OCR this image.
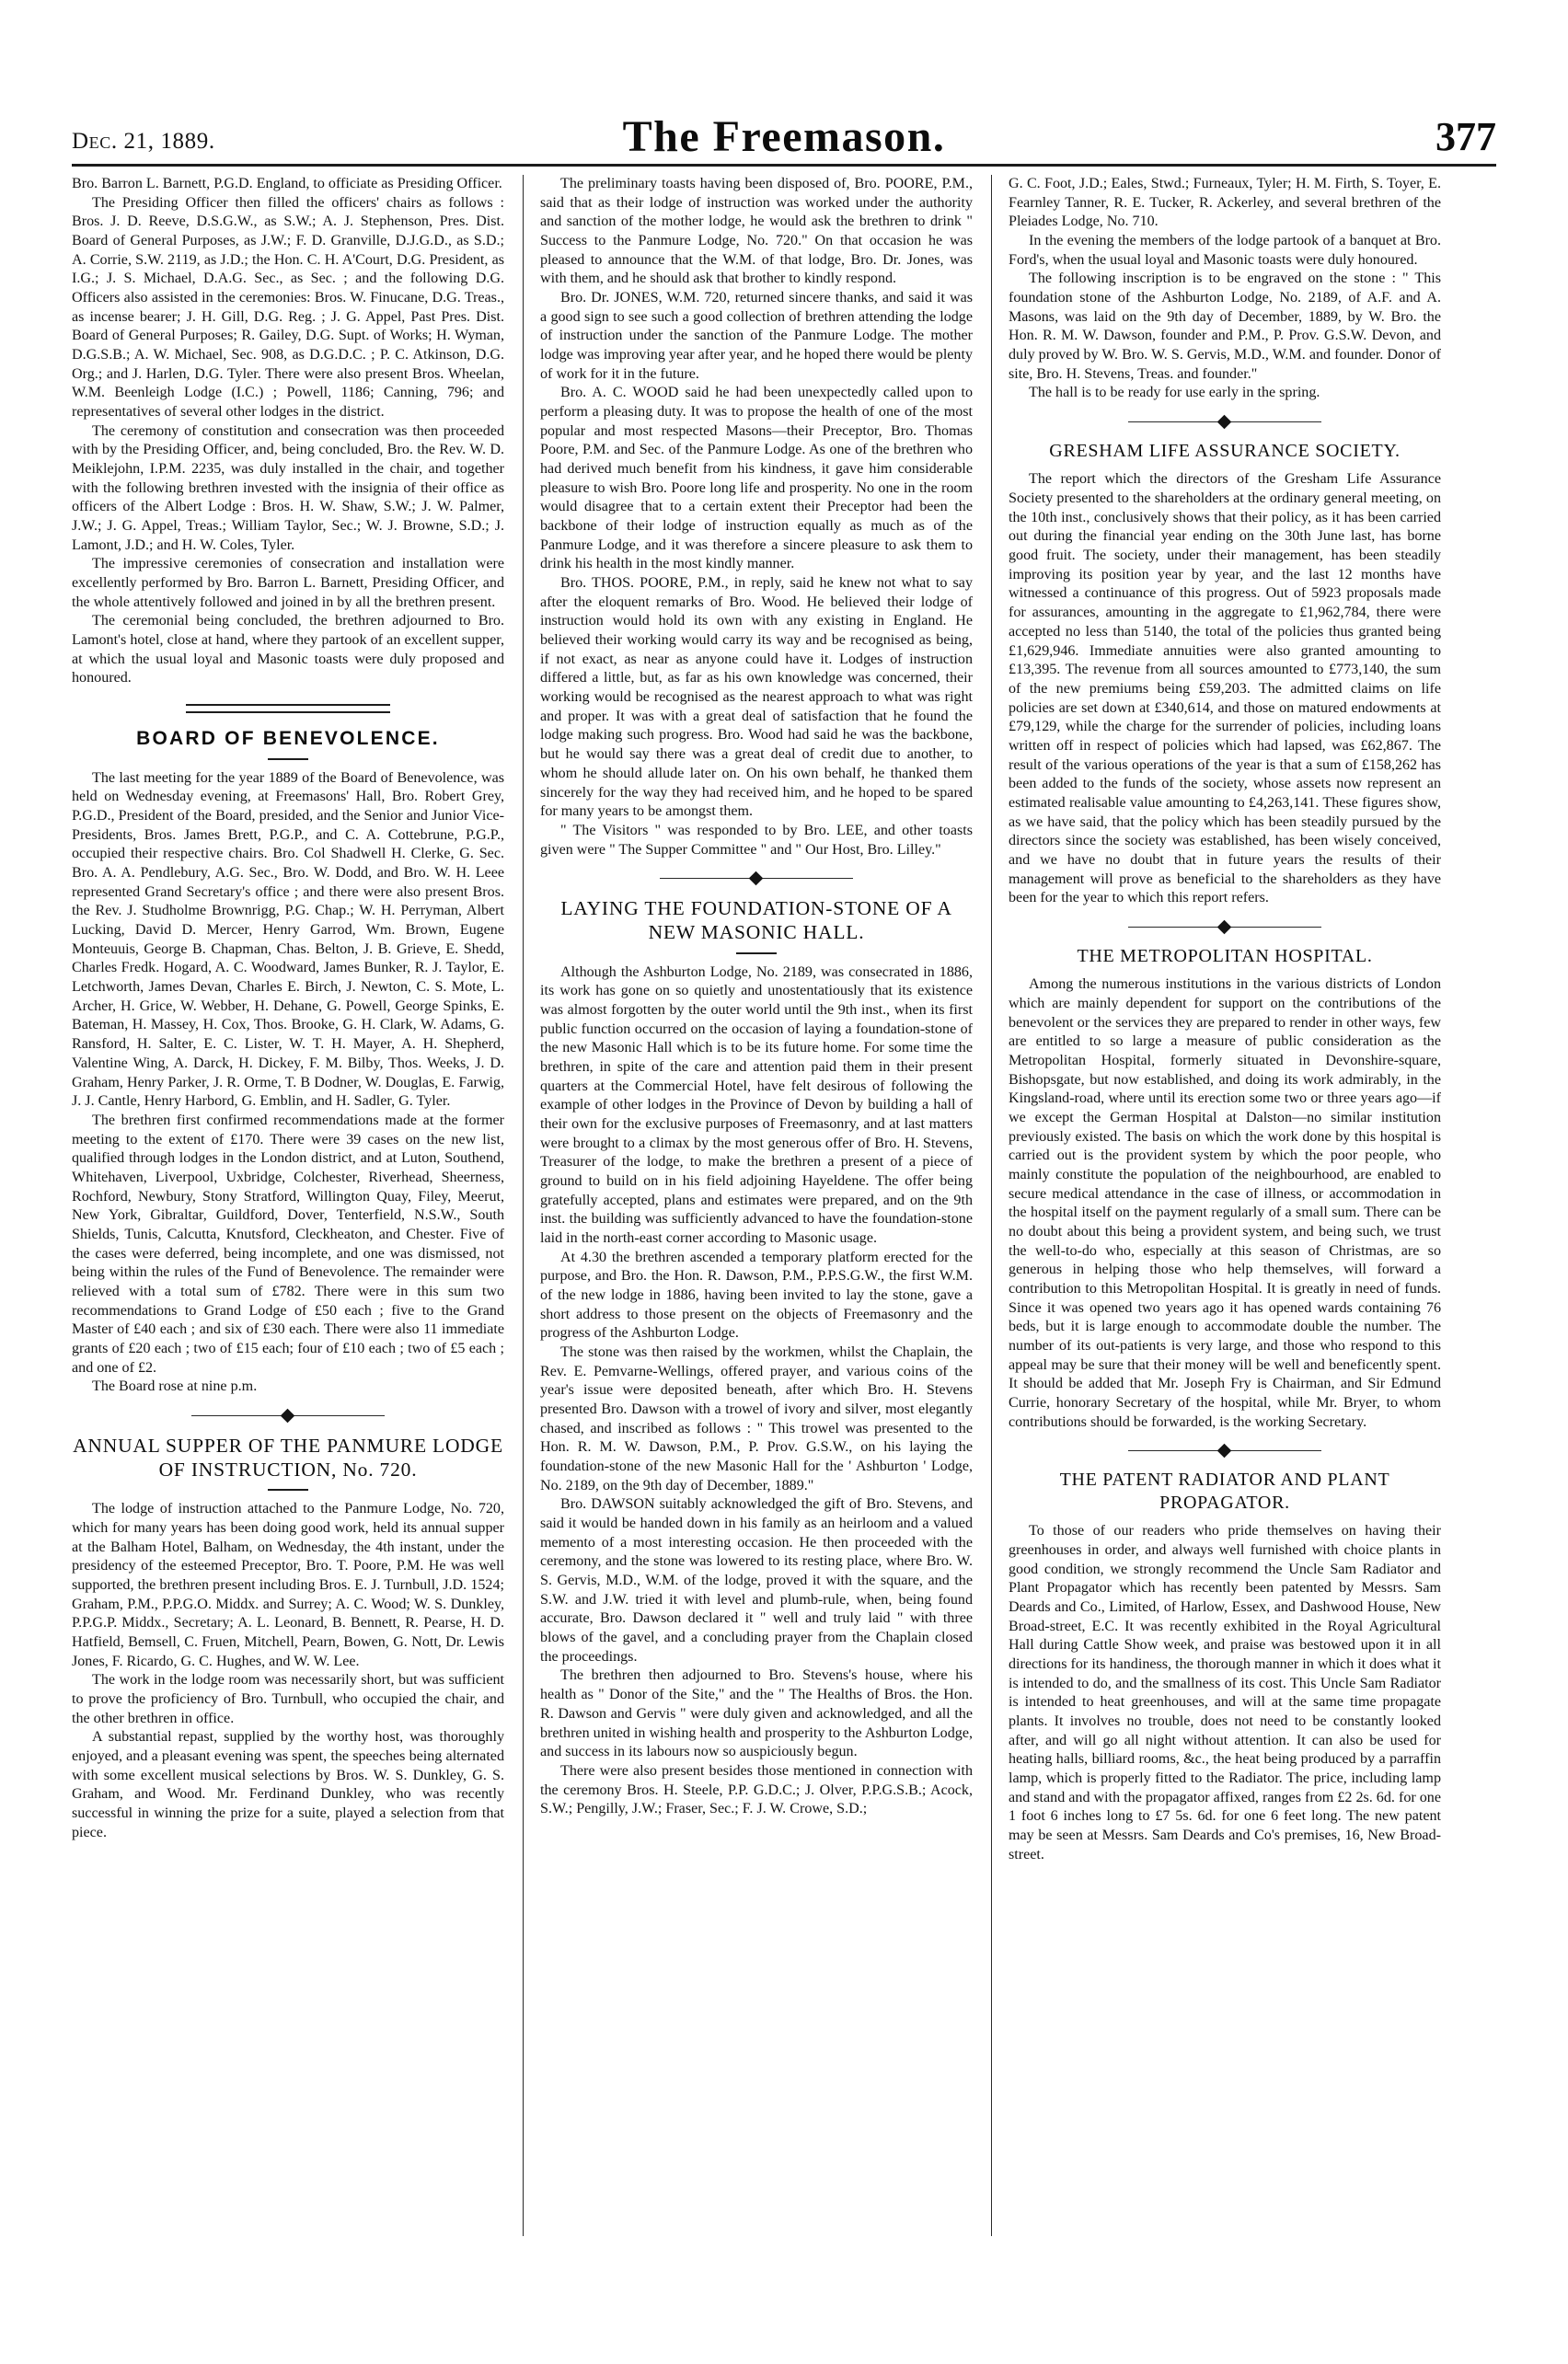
Dec. 21, 1889.	The Freemason.	377

Bro. Barron L. Barnett, P.G.D. England, to officiate as Presiding Officer.

The Presiding Officer then filled the officers' chairs as follows : Bros. J. D. Reeve, D.S.G.W., as S.W.; A. J. Stephenson, Pres. Dist. Board of General Purposes, as J.W.; F. D. Granville, D.J.G.D., as S.D.; A. Corrie, S.W. 2119, as J.D.; the Hon. C. H. A'Court, D.G. President, as I.G.; J. S. Michael, D.A.G. Sec., as Sec. ; and the following D.G. Officers also assisted in the ceremonies: Bros. W. Finucane, D.G. Treas., as incense bearer; J. H. Gill, D.G. Reg. ; J. G. Appel, Past Pres. Dist. Board of General Purposes; R. Gailey, D.G. Supt. of Works; H. Wyman, D.G.S.B.; A. W. Michael, Sec. 908, as D.G.D.C. ; P. C. Atkinson, D.G. Org.; and J. Harlen, D.G. Tyler. There were also present Bros. Wheelan, W.M. Beenleigh Lodge (I.C.) ; Powell, 1186; Canning, 796; and representatives of several other lodges in the district.

The ceremony of constitution and consecration was then proceeded with by the Presiding Officer, and, being concluded, Bro. the Rev. W. D. Meiklejohn, I.P.M. 2235, was duly installed in the chair, and together with the following brethren invested with the insignia of their office as officers of the Albert Lodge : Bros. H. W. Shaw, S.W.; J. W. Palmer, J.W.; J. G. Appel, Treas.; William Taylor, Sec.; W. J. Browne, S.D.; J. Lamont, J.D.; and H. W. Coles, Tyler.

The impressive ceremonies of consecration and installation were excellently performed by Bro. Barron L. Barnett, Presiding Officer, and the whole attentively followed and joined in by all the brethren present.

The ceremonial being concluded, the brethren adjourned to Bro. Lamont's hotel, close at hand, where they partook of an excellent supper, at which the usual loyal and Masonic toasts were duly proposed and honoured.

BOARD OF BENEVOLENCE.

The last meeting for the year 1889 of the Board of Benevolence, was held on Wednesday evening, at Freemasons' Hall, Bro. Robert Grey, P.G.D., President of the Board, presided, and the Senior and Junior Vice-Presidents, Bros. James Brett, P.G.P., and C. A. Cottebrune, P.G.P., occupied their respective chairs. Bro. Col Shadwell H. Clerke, G. Sec. Bro. A. A. Pendlebury, A.G. Sec., Bro. W. Dodd, and Bro. W. H. Leee represented Grand Secretary's office ; and there were also present Bros. the Rev. J. Studholme Brownrigg, P.G. Chap.; W. H. Perryman, Albert Lucking, David D. Mercer, Henry Garrod, Wm. Brown, Eugene Monteuuis, George B. Chapman, Chas. Belton, J. B. Grieve, E. Shedd, Charles Fredk. Hogard, A. C. Woodward, James Bunker, R. J. Taylor, E. Letchworth, James Devan, Charles E. Birch, J. Newton, C. S. Mote, L. Archer, H. Grice, W. Webber, H. Dehane, G. Powell, George Spinks, E. Bateman, H. Massey, H. Cox, Thos. Brooke, G. H. Clark, W. Adams, G. Ransford, H. Salter, E. C. Lister, W. T. H. Mayer, A. H. Shepherd, Valentine Wing, A. Darck, H. Dickey, F. M. Bilby, Thos. Weeks, J. D. Graham, Henry Parker, J. R. Orme, T. B Dodner, W. Douglas, E. Farwig, J. J. Cantle, Henry Harbord, G. Emblin, and H. Sadler, G. Tyler.

The brethren first confirmed recommendations made at the former meeting to the extent of £170. There were 39 cases on the new list, qualified through lodges in the London district, and at Luton, Southend, Whitehaven, Liverpool, Uxbridge, Colchester, Riverhead, Sheerness, Rochford, Newbury, Stony Stratford, Willington Quay, Filey, Meerut, New York, Gibraltar, Guildford, Dover, Tenterfield, N.S.W., South Shields, Tunis, Calcutta, Knutsford, Cleckheaton, and Chester. Five of the cases were deferred, being incomplete, and one was dismissed, not being within the rules of the Fund of Benevolence. The remainder were relieved with a total sum of £782. There were in this sum two recommendations to Grand Lodge of £50 each ; five to the Grand Master of £40 each ; and six of £30 each. There were also 11 immediate grants of £20 each ; two of £15 each; four of £10 each ; two of £5 each ; and one of £2.

The Board rose at nine p.m.

ANNUAL SUPPER OF THE PANMURE LODGE
OF INSTRUCTION, No. 720.

The lodge of instruction attached to the Panmure Lodge, No. 720, which for many years has been doing good work, held its annual supper at the Balham Hotel, Balham, on Wednesday, the 4th instant, under the presidency of the esteemed Preceptor, Bro. T. Poore, P.M. He was well supported, the brethren present including Bros. E. J. Turnbull, J.D. 1524; Graham, P.M., P.P.G.O. Middx. and Surrey; A. C. Wood; W. S. Dunkley, P.P.G.P. Middx., Secretary; A. L. Leonard, B. Bennett, R. Pearse, H. D. Hatfield, Bemsell, C. Fruen, Mitchell, Pearn, Bowen, G. Nott, Dr. Lewis Jones, F. Ricardo, G. C. Hughes, and W. W. Lee.

The work in the lodge room was necessarily short, but was sufficient to prove the proficiency of Bro. Turnbull, who occupied the chair, and the other brethren in office.

A substantial repast, supplied by the worthy host, was thoroughly enjoyed, and a pleasant evening was spent, the speeches being alternated with some excellent musical selections by Bros. W. S. Dunkley, G. S. Graham, and Wood. Mr. Ferdinand Dunkley, who was recently successful in winning the prize for a suite, played a selection from that piece.

The preliminary toasts having been disposed of, Bro. POORE, P.M., said that as their lodge of instruction was worked under the authority and sanction of the mother lodge, he would ask the brethren to drink " Success to the Panmure Lodge, No. 720." On that occasion he was pleased to announce that the W.M. of that lodge, Bro. Dr. Jones, was with them, and he should ask that brother to kindly respond.

Bro. Dr. JONES, W.M. 720, returned sincere thanks, and said it was a good sign to see such a good collection of brethren attending the lodge of instruction under the sanction of the Panmure Lodge. The mother lodge was improving year after year, and he hoped there would be plenty of work for it in the future.

Bro. A. C. WOOD said he had been unexpectedly called upon to perform a pleasing duty. It was to propose the health of one of the most popular and most respected Masons—their Preceptor, Bro. Thomas Poore, P.M. and Sec. of the Panmure Lodge. As one of the brethren who had derived much benefit from his kindness, it gave him considerable pleasure to wish Bro. Poore long life and prosperity. No one in the room would disagree that to a certain extent their Preceptor had been the backbone of their lodge of instruction equally as much as of the Panmure Lodge, and it was therefore a sincere pleasure to ask them to drink his health in the most kindly manner.

Bro. THOS. POORE, P.M., in reply, said he knew not what to say after the eloquent remarks of Bro. Wood. He believed their lodge of instruction would hold its own with any existing in England. He believed their working would carry its way and be recognised as being, if not exact, as near as anyone could have it. Lodges of instruction differed a little, but, as far as his own knowledge was concerned, their working would be recognised as the nearest approach to what was right and proper. It was with a great deal of satisfaction that he found the lodge making such progress. Bro. Wood had said he was the backbone, but he would say there was a great deal of credit due to another, to whom he should allude later on. On his own behalf, he thanked them sincerely for the way they had received him, and he hoped to be spared for many years to be amongst them.

" The Visitors " was responded to by Bro. LEE, and other toasts given were " The Supper Committee " and " Our Host, Bro. Lilley."

LAYING THE FOUNDATION-STONE OF A
NEW MASONIC HALL.

Although the Ashburton Lodge, No. 2189, was consecrated in 1886, its work has gone on so quietly and unostentatiously that its existence was almost forgotten by the outer world until the 9th inst., when its first public function occurred on the occasion of laying a foundation-stone of the new Masonic Hall which is to be its future home. For some time the brethren, in spite of the care and attention paid them in their present quarters at the Commercial Hotel, have felt desirous of following the example of other lodges in the Province of Devon by building a hall of their own for the exclusive purposes of Freemasonry, and at last matters were brought to a climax by the most generous offer of Bro. H. Stevens, Treasurer of the lodge, to make the brethren a present of a piece of ground to build on in his field adjoining Hayeldene. The offer being gratefully accepted, plans and estimates were prepared, and on the 9th inst. the building was sufficiently advanced to have the foundation-stone laid in the north-east corner according to Masonic usage.

At 4.30 the brethren ascended a temporary platform erected for the purpose, and Bro. the Hon. R. Dawson, P.M., P.P.S.G.W., the first W.M. of the new lodge in 1886, having been invited to lay the stone, gave a short address to those present on the objects of Freemasonry and the progress of the Ashburton Lodge.

The stone was then raised by the workmen, whilst the Chaplain, the Rev. E. Pemvarne-Wellings, offered prayer, and various coins of the year's issue were deposited beneath, after which Bro. H. Stevens presented Bro. Dawson with a trowel of ivory and silver, most elegantly chased, and inscribed as follows : " This trowel was presented to the Hon. R. M. W. Dawson, P.M., P. Prov. G.S.W., on his laying the foundation-stone of the new Masonic Hall for the ' Ashburton ' Lodge, No. 2189, on the 9th day of December, 1889."

Bro. DAWSON suitably acknowledged the gift of Bro. Stevens, and said it would be handed down in his family as an heirloom and a valued memento of a most interesting occasion. He then proceeded with the ceremony, and the stone was lowered to its resting place, where Bro. W. S. Gervis, M.D., W.M. of the lodge, proved it with the square, and the S.W. and J.W. tried it with level and plumb-rule, when, being found accurate, Bro. Dawson declared it " well and truly laid " with three blows of the gavel, and a concluding prayer from the Chaplain closed the proceedings.

The brethren then adjourned to Bro. Stevens's house, where his health as " Donor of the Site," and the " The Healths of Bros. the Hon. R. Dawson and Gervis " were duly given and acknowledged, and all the brethren united in wishing health and prosperity to the Ashburton Lodge, and success in its labours now so auspiciously begun.

There were also present besides those mentioned in connection with the ceremony Bros. H. Steele, P.P. G.D.C.; J. Olver, P.P.G.S.B.; Acock, S.W.; Pengilly, J.W.; Fraser, Sec.; F. J. W. Crowe, S.D.;

G. C. Foot, J.D.; Eales, Stwd.; Furneaux, Tyler; H. M. Firth, S. Toyer, E. Fearnley Tanner, R. E. Tucker, R. Ackerley, and several brethren of the Pleiades Lodge, No. 710.

In the evening the members of the lodge partook of a banquet at Bro. Ford's, when the usual loyal and Masonic toasts were duly honoured.

The following inscription is to be engraved on the stone : " This foundation stone of the Ashburton Lodge, No. 2189, of A.F. and A. Masons, was laid on the 9th day of December, 1889, by W. Bro. the Hon. R. M. W. Dawson, founder and P.M., P. Prov. G.S.W. Devon, and duly proved by W. Bro. W. S. Gervis, M.D., W.M. and founder. Donor of site, Bro. H. Stevens, Treas. and founder."

The hall is to be ready for use early in the spring.

GRESHAM LIFE ASSURANCE SOCIETY.

The report which the directors of the Gresham Life Assurance Society presented to the shareholders at the ordinary general meeting, on the 10th inst., conclusively shows that their policy, as it has been carried out during the financial year ending on the 30th June last, has borne good fruit. The society, under their management, has been steadily improving its position year by year, and the last 12 months have witnessed a continuance of this progress. Out of 5923 proposals made for assurances, amounting in the aggregate to £1,962,784, there were accepted no less than 5140, the total of the policies thus granted being £1,629,946. Immediate annuities were also granted amounting to £13,395. The revenue from all sources amounted to £773,140, the sum of the new premiums being £59,203. The admitted claims on life policies are set down at £340,614, and those on matured endowments at £79,129, while the charge for the surrender of policies, including loans written off in respect of policies which had lapsed, was £62,867. The result of the various operations of the year is that a sum of £158,262 has been added to the funds of the society, whose assets now represent an estimated realisable value amounting to £4,263,141. These figures show, as we have said, that the policy which has been steadily pursued by the directors since the society was established, has been wisely conceived, and we have no doubt that in future years the results of their management will prove as beneficial to the shareholders as they have been for the year to which this report refers.

THE METROPOLITAN HOSPITAL.

Among the numerous institutions in the various districts of London which are mainly dependent for support on the contributions of the benevolent or the services they are prepared to render in other ways, few are entitled to so large a measure of public consideration as the Metropolitan Hospital, formerly situated in Devonshire-square, Bishopsgate, but now established, and doing its work admirably, in the Kingsland-road, where until its erection some two or three years ago—if we except the German Hospital at Dalston—no similar institution previously existed. The basis on which the work done by this hospital is carried out is the provident system by which the poor people, who mainly constitute the population of the neighbourhood, are enabled to secure medical attendance in the case of illness, or accommodation in the hospital itself on the payment regularly of a small sum. There can be no doubt about this being a provident system, and being such, we trust the well-to-do who, especially at this season of Christmas, are so generous in helping those who help themselves, will forward a contribution to this Metropolitan Hospital. It is greatly in need of funds. Since it was opened two years ago it has opened wards containing 76 beds, but it is large enough to accommodate double the number. The number of its out-patients is very large, and those who respond to this appeal may be sure that their money will be well and beneficently spent. It should be added that Mr. Joseph Fry is Chairman, and Sir Edmund Currie, honorary Secretary of the hospital, while Mr. Bryer, to whom contributions should be forwarded, is the working Secretary.

THE PATENT RADIATOR AND PLANT
PROPAGATOR.

To those of our readers who pride themselves on having their greenhouses in order, and always well furnished with choice plants in good condition, we strongly recommend the Uncle Sam Radiator and Plant Propagator which has recently been patented by Messrs. Sam Deards and Co., Limited, of Harlow, Essex, and Dashwood House, New Broad-street, E.C. It was recently exhibited in the Royal Agricultural Hall during Cattle Show week, and praise was bestowed upon it in all directions for its handiness, the thorough manner in which it does what it is intended to do, and the smallness of its cost. This Uncle Sam Radiator is intended to heat greenhouses, and will at the same time propagate plants. It involves no trouble, does not need to be constantly looked after, and will go all night without attention. It can also be used for heating halls, billiard rooms, &c., the heat being produced by a parraffin lamp, which is properly fitted to the Radiator. The price, including lamp and stand and with the propagator affixed, ranges from £2 2s. 6d. for one 1 foot 6 inches long to £7 5s. 6d. for one 6 feet long. The new patent may be seen at Messrs. Sam Deards and Co's premises, 16, New Broad-street.
